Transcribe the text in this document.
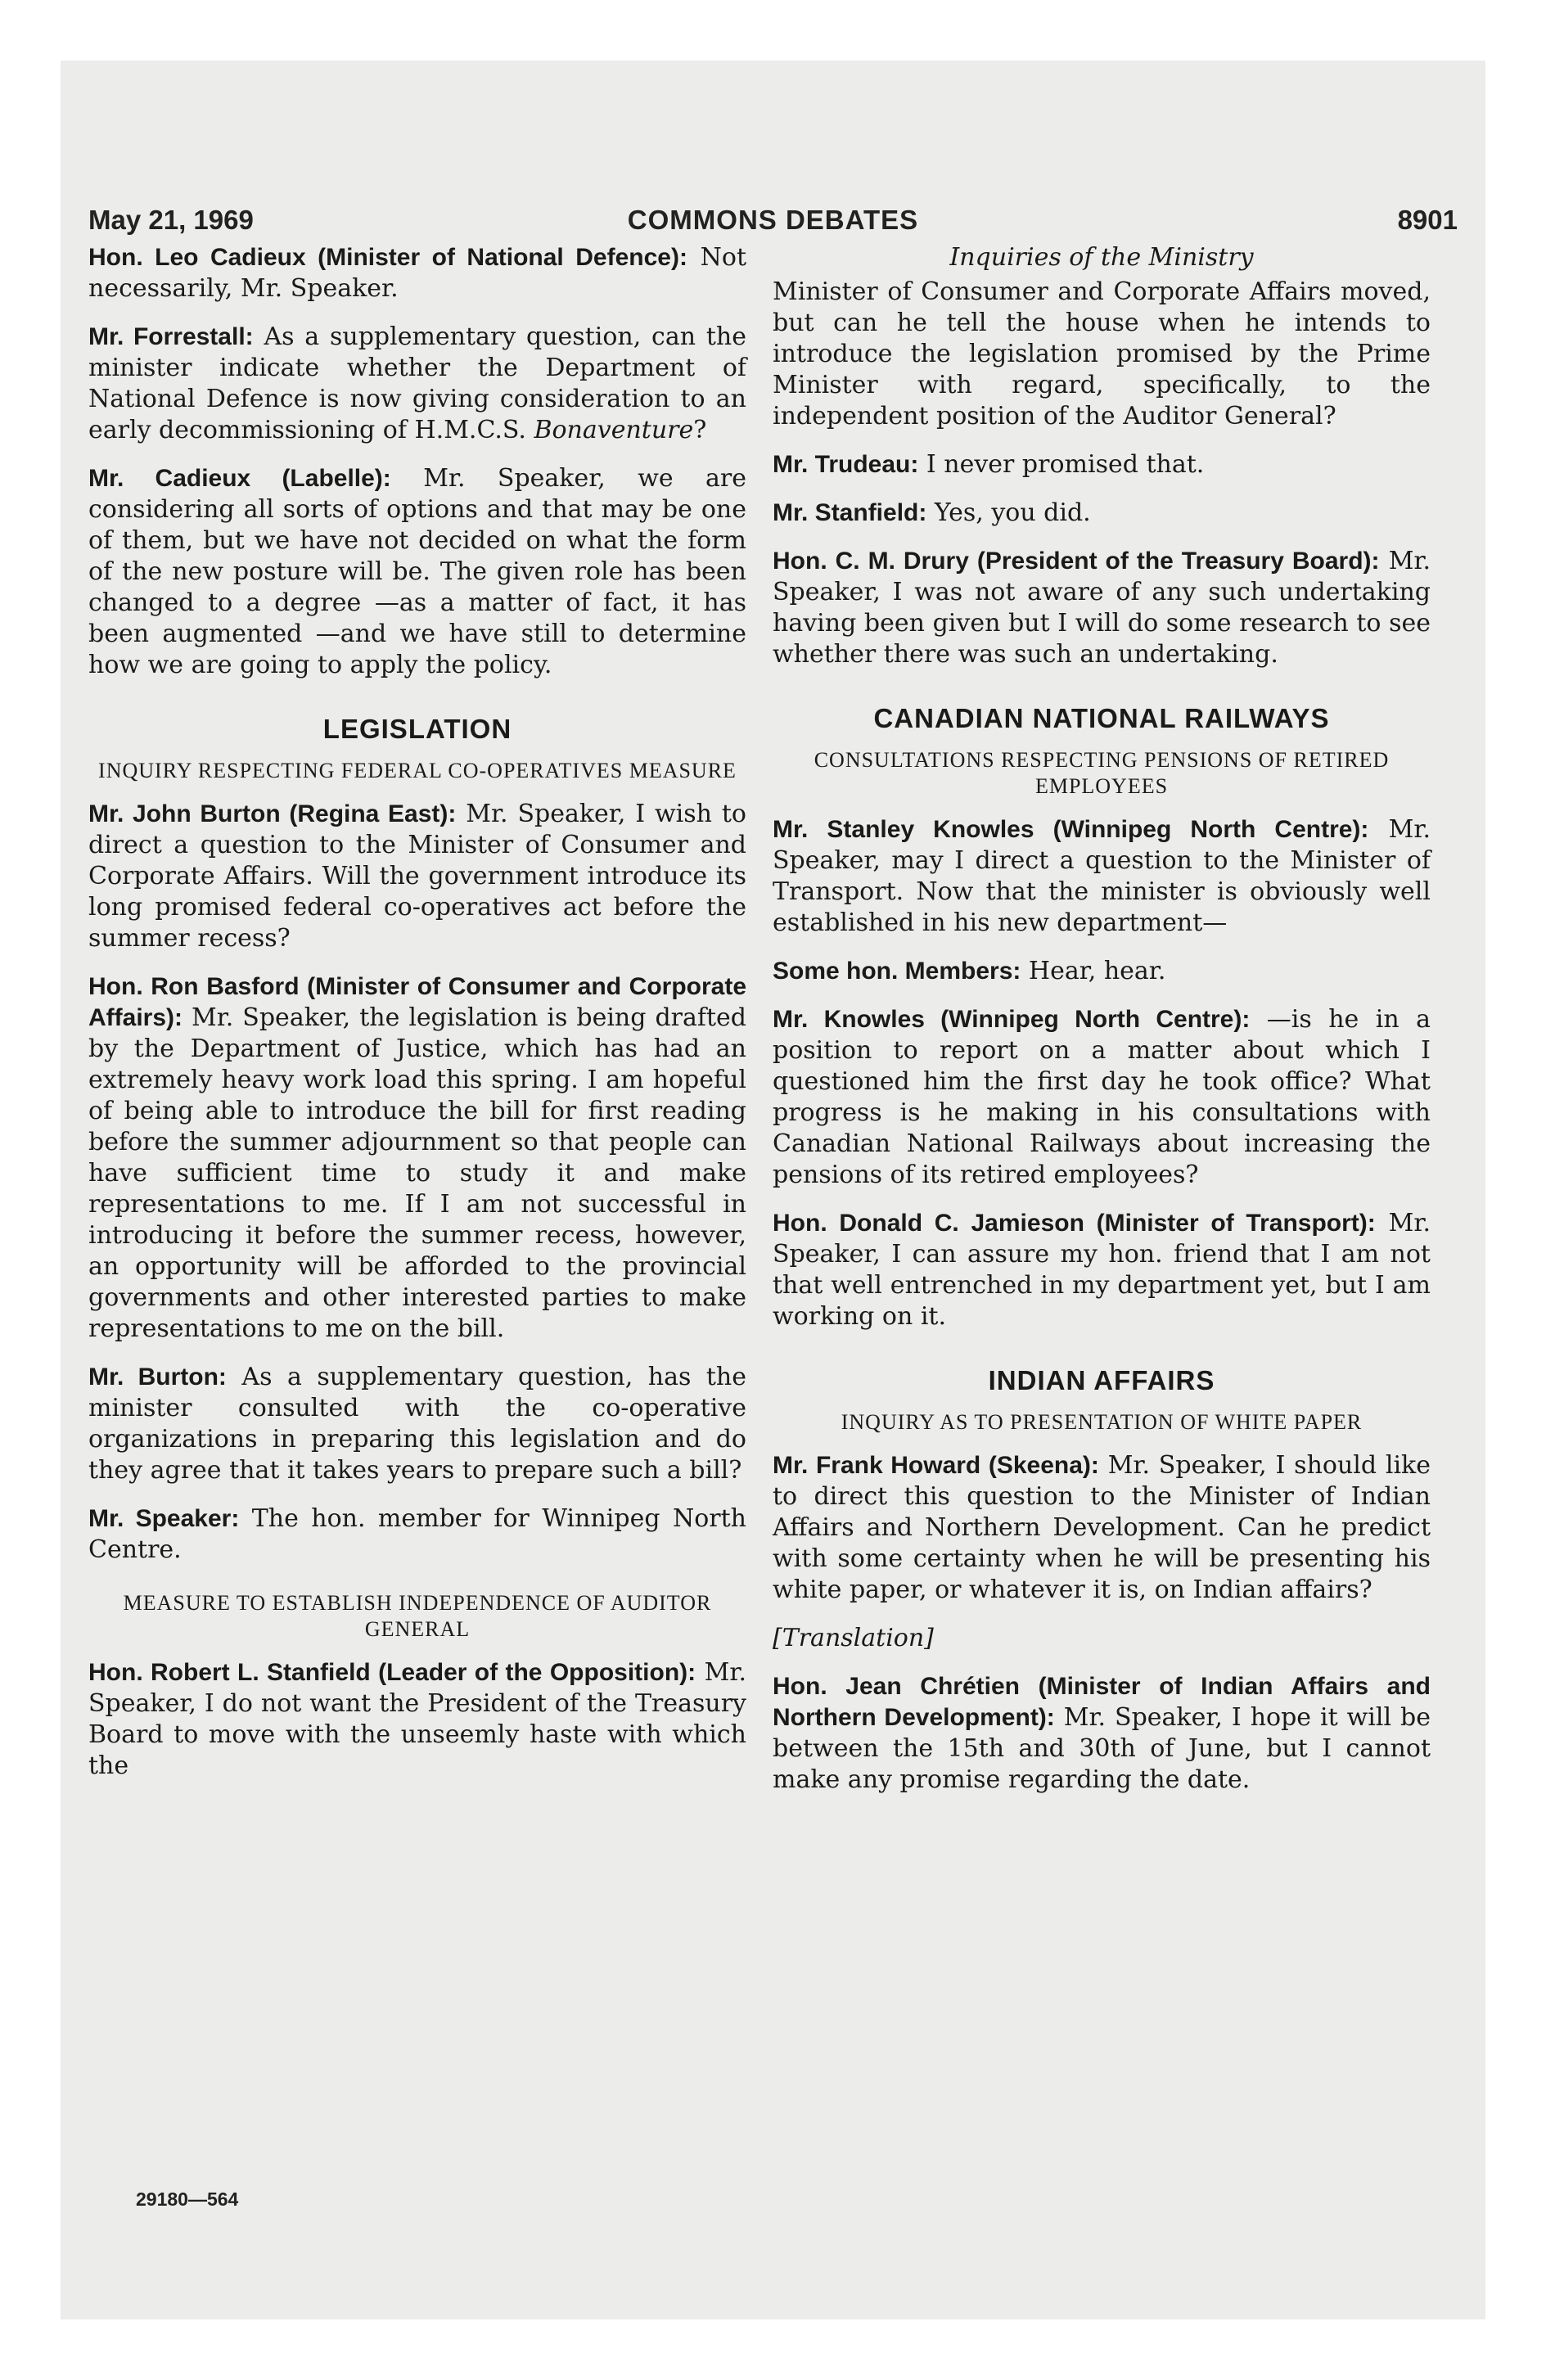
COMMONS DEBATES
May 21, 1969	8901

Hon. Leo Cadieux (Minister of National Defence): Not necessarily, Mr. Speaker.

Mr. Forrestall: As a supplementary question, can the minister indicate whether the Department of National Defence is now giving consideration to an early decommissioning of H.M.C.S. Bonaventure?

Mr. Cadieux (Labelle): Mr. Speaker, we are considering all sorts of options and that may be one of them, but we have not decided on what the form of the new posture will be. The given role has been changed to a degree —as a matter of fact, it has been augmented —and we have still to determine how we are going to apply the policy.

LEGISLATION
INQUIRY RESPECTING FEDERAL CO-OPERATIVES MEASURE

Mr. John Burton (Regina East): Mr. Speaker, I wish to direct a question to the Minister of Consumer and Corporate Affairs. Will the government introduce its long promised federal co-operatives act before the summer recess?

Hon. Ron Basford (Minister of Consumer and Corporate Affairs): Mr. Speaker, the legislation is being drafted by the Department of Justice, which has had an extremely heavy work load this spring. I am hopeful of being able to introduce the bill for first reading before the summer adjournment so that people can have sufficient time to study it and make representations to me. If I am not successful in introducing it before the summer recess, however, an opportunity will be afforded to the provincial governments and other interested parties to make representations to me on the bill.

Mr. Burton: As a supplementary question, has the minister consulted with the co-operative organizations in preparing this legislation and do they agree that it takes years to prepare such a bill?

Mr. Speaker: The hon. member for Winnipeg North Centre.

MEASURE TO ESTABLISH INDEPENDENCE OF AUDITOR GENERAL

Hon. Robert L. Stanfield (Leader of the Opposition): Mr. Speaker, I do not want the President of the Treasury Board to move with the unseemly haste with which the

Inquiries of the Ministry

Minister of Consumer and Corporate Affairs moved, but can he tell the house when he intends to introduce the legislation promised by the Prime Minister with regard, specifically, to the independent position of the Auditor General?

Mr. Trudeau: I never promised that.

Mr. Stanfield: Yes, you did.

Hon. C. M. Drury (President of the Treasury Board): Mr. Speaker, I was not aware of any such undertaking having been given but I will do some research to see whether there was such an undertaking.

CANADIAN NATIONAL RAILWAYS
CONSULTATIONS RESPECTING PENSIONS OF RETIRED EMPLOYEES

Mr. Stanley Knowles (Winnipeg North Centre): Mr. Speaker, may I direct a question to the Minister of Transport. Now that the minister is obviously well established in his new department—

Some hon. Members: Hear, hear.

Mr. Knowles (Winnipeg North Centre): —is he in a position to report on a matter about which I questioned him the first day he took office? What progress is he making in his consultations with Canadian National Railways about increasing the pensions of its retired employees?

Hon. Donald C. Jamieson (Minister of Transport): Mr. Speaker, I can assure my hon. friend that I am not that well entrenched in my department yet, but I am working on it.

INDIAN AFFAIRS
INQUIRY AS TO PRESENTATION OF WHITE PAPER

Mr. Frank Howard (Skeena): Mr. Speaker, I should like to direct this question to the Minister of Indian Affairs and Northern Development. Can he predict with some certainty when he will be presenting his white paper, or whatever it is, on Indian affairs?

[Translation]

Hon. Jean Chrétien (Minister of Indian Affairs and Northern Development): Mr. Speaker, I hope it will be between the 15th and 30th of June, but I cannot make any promise regarding the date.

29180—564
